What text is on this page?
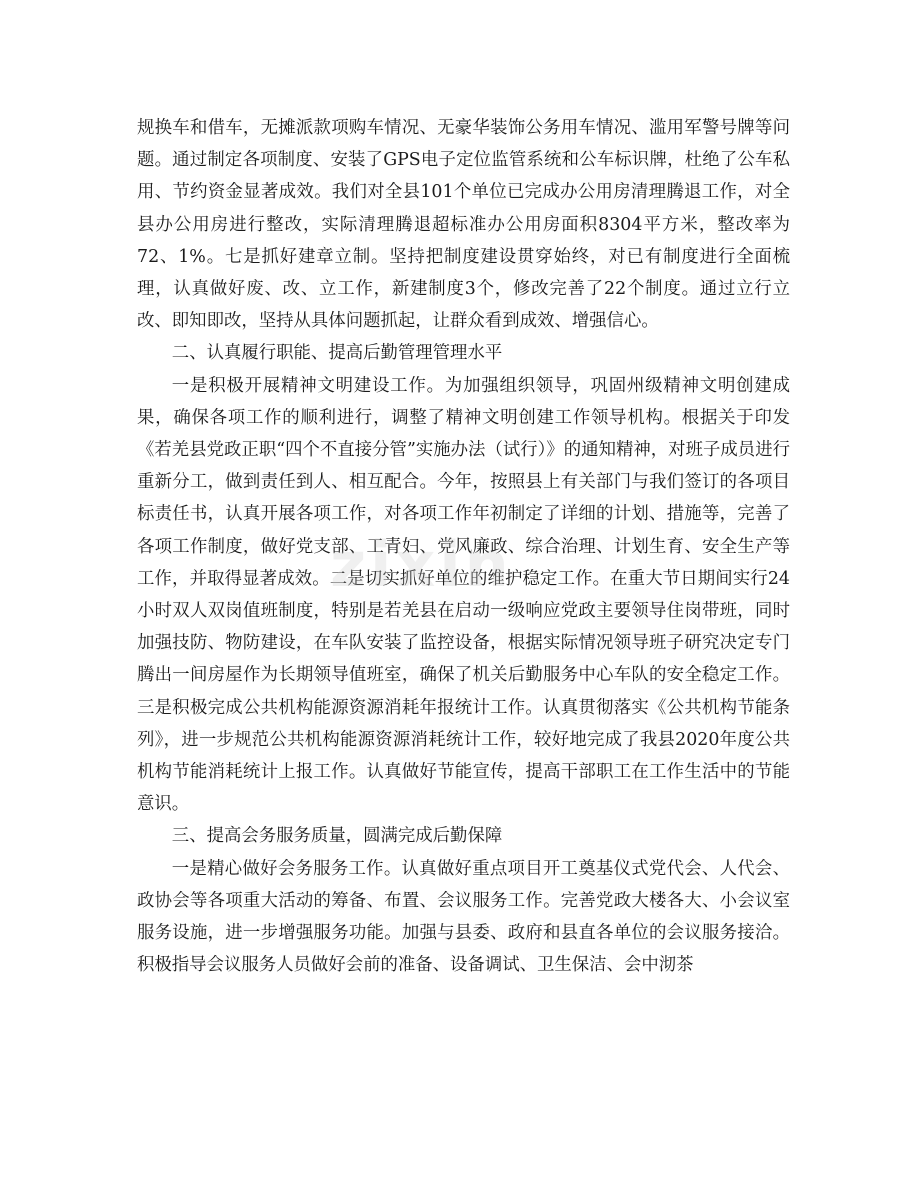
规换车和借车，无摊派款项购车情况、无豪华装饰公务用车情况、滥用军警号牌等问题。通过制定各项制度、安装了GPS电子定位监管系统和公车标识牌，杜绝了公车私用、节约资金显著成效。我们对全县101个单位已完成办公用房清理腾退工作，对全县办公用房进行整改，实际清理腾退超标准办公用房面积8304平方米，整改率为72、1%。七是抓好建章立制。坚持把制度建设贯穿始终，对已有制度进行全面梳理，认真做好废、改、立工作，新建制度3个，修改完善了22个制度。通过立行立改、即知即改，坚持从具体问题抓起，让群众看到成效、增强信心。

二、认真履行职能、提高后勤管理管理水平

一是积极开展精神文明建设工作。为加强组织领导，巩固州级精神文明创建成果，确保各项工作的顺利进行，调整了精神文明创建工作领导机构。根据关于印发《若羌县党政正职“四个不直接分管”实施办法（试行）》的通知精神，对班子成员进行重新分工，做到责任到人、相互配合。今年，按照县上有关部门与我们签订的各项目标责任书，认真开展各项工作，对各项工作年初制定了详细的计划、措施等，完善了各项工作制度，做好党支部、工青妇、党风廉政、综合治理、计划生育、安全生产等工作，并取得显著成效。二是切实抓好单位的维护稳定工作。在重大节日期间实行24小时双人双岗值班制度，特别是若羌县在启动一级响应党政主要领导住岗带班，同时加强技防、物防建设，在车队安装了监控设备，根据实际情况领导班子研究决定专门腾出一间房屋作为长期领导值班室，确保了机关后勤服务中心车队的安全稳定工作。三是积极完成公共机构能源资源消耗年报统计工作。认真贯彻落实《公共机构节能条列》，进一步规范公共机构能源资源消耗统计工作，较好地完成了我县2020年度公共机构节能消耗统计上报工作。认真做好节能宣传，提高干部职工在工作生活中的节能意识。

三、提高会务服务质量，圆满完成后勤保障

一是精心做好会务服务工作。认真做好重点项目开工奠基仪式党代会、人代会、政协会等各项重大活动的筹备、布置、会议服务工作。完善党政大楼各大、小会议室服务设施，进一步增强服务功能。加强与县委、政府和县直各单位的会议服务接洽。积极指导会议服务人员做好会前的准备、设备调试、卫生保洁、会中沏茶

zixin
